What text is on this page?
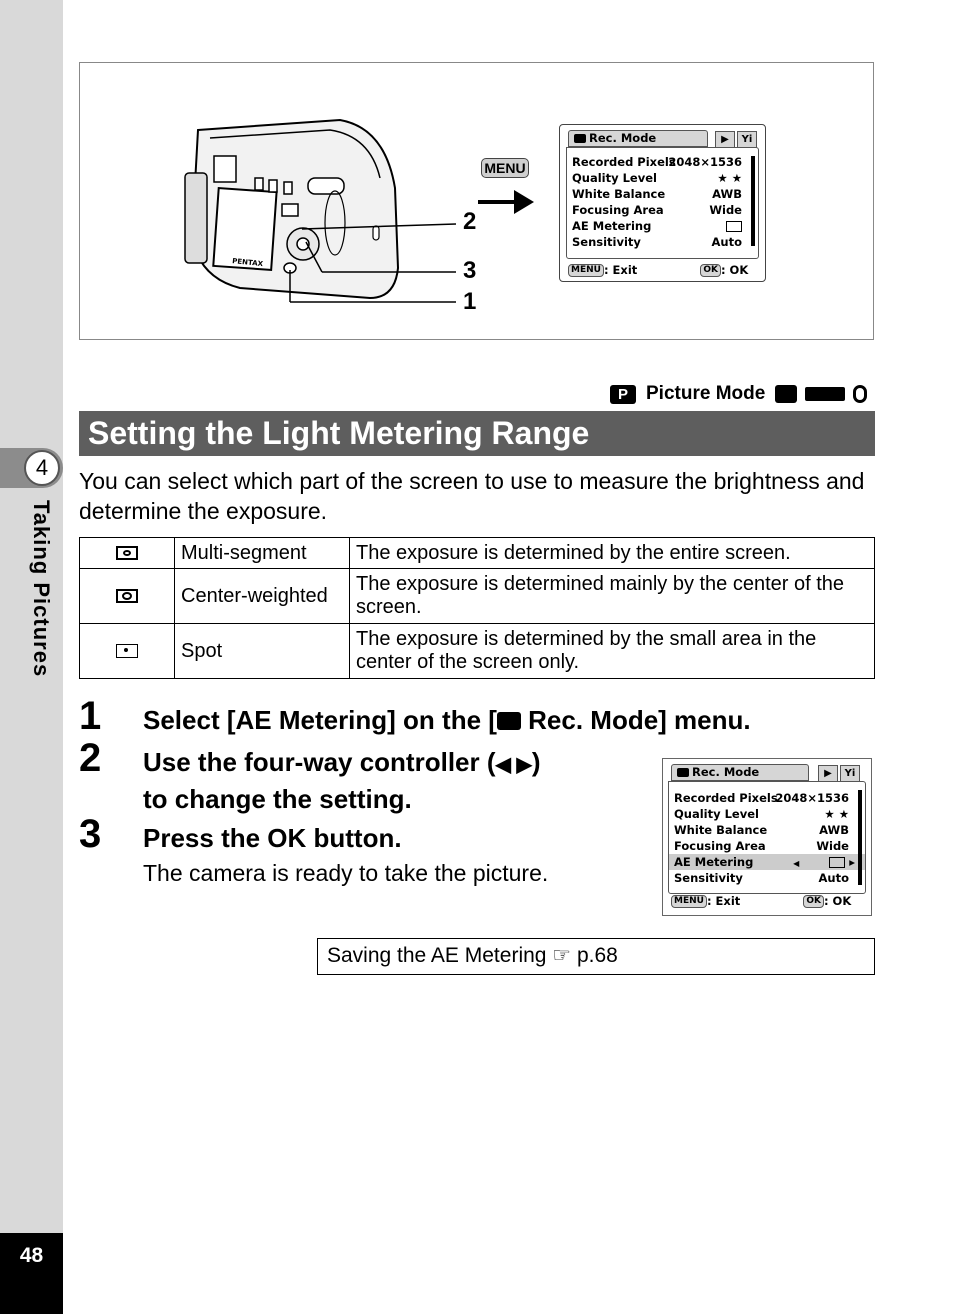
4
Taking Pictures
48
PENTAX
2
3
1
MENU
Rec. Mode	▶	Yi
Recorded Pixels
2048×1536
Quality Level	★ ★
White Balance	AWB
Focusing Area	Wide
AE Metering
Sensitivity	Auto
MENU : Exit	OK : OK
P Picture Mode
Setting the Light Metering Range
You can select which part of the screen to use to measure the brightness and determine the exposure.
	Multi-segment	The exposure is determined by the entire screen.

	Center-weighted	The exposure is determined mainly by the center of the screen.

	Spot	The exposure is determined by the small area in the center of the screen only.
1 Select [AE Metering] on the [ Rec. Mode] menu.
2 Use the four-way controller (◀ ▶)
to change the setting.
3 Press the OK button.
The camera is ready to take the picture.
Rec. Mode	▶	Yi
Recorded Pixels
2048×1536
Quality Level	★ ★
White Balance	AWB
Focusing Area	Wide
AE Metering	◀	▸
Sensitivity	Auto
MENU : Exit	OK : OK
Saving the AE Metering ☞ p.68
